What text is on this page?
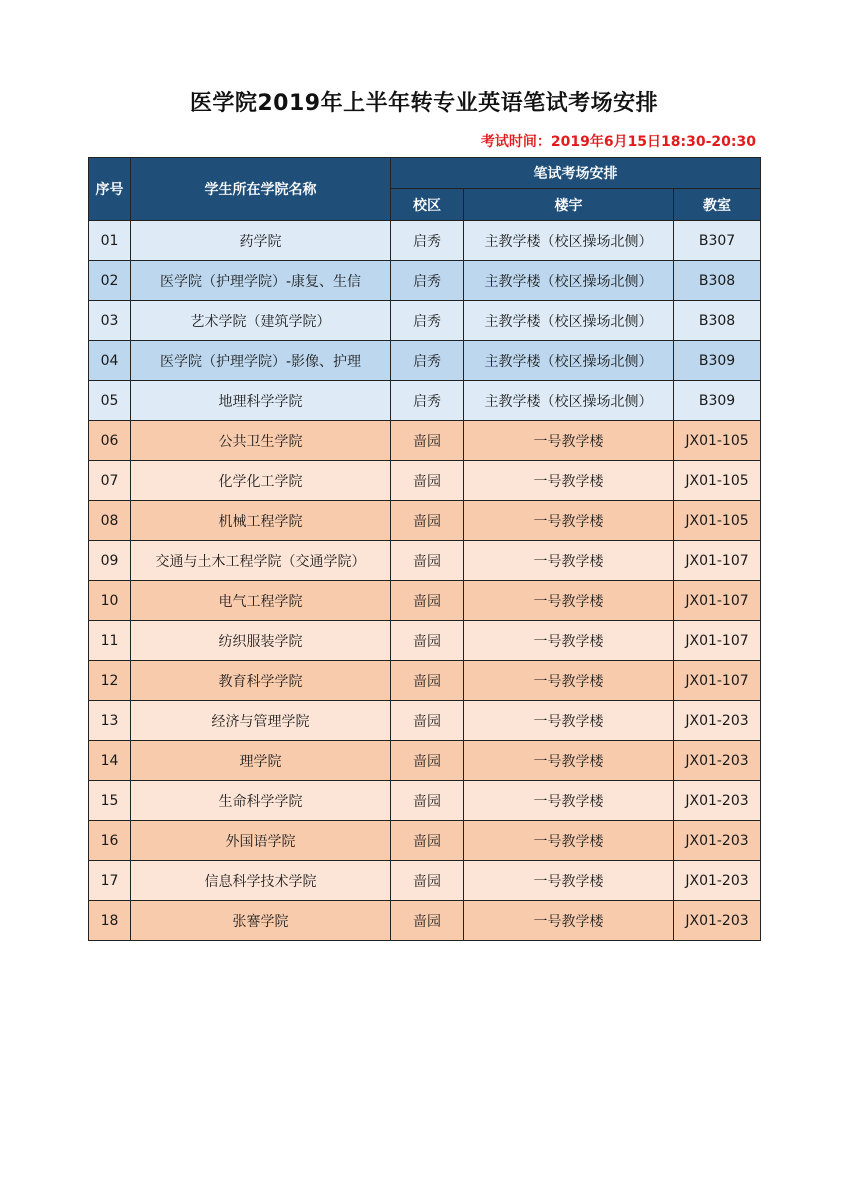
医学院2019年上半年转专业英语笔试考场安排
考试时间：2019年6月15日18:30-20:30
序号	学生所在学院名称	笔试考场安排		
		校区	楼宇	教室
01	药学院	启秀	主教学楼（校区操场北侧）	B307
02	医学院（护理学院）-康复、生信	启秀	主教学楼（校区操场北侧）	B308
03	艺术学院（建筑学院）	启秀	主教学楼（校区操场北侧）	B308
04	医学院（护理学院）-影像、护理	启秀	主教学楼（校区操场北侧）	B309
05	地理科学学院	启秀	主教学楼（校区操场北侧）	B309
06	公共卫生学院	啬园	一号教学楼	JX01-105
07	化学化工学院	啬园	一号教学楼	JX01-105
08	机械工程学院	啬园	一号教学楼	JX01-105
09	交通与土木工程学院（交通学院）	啬园	一号教学楼	JX01-107
10	电气工程学院	啬园	一号教学楼	JX01-107
11	纺织服装学院	啬园	一号教学楼	JX01-107
12	教育科学学院	啬园	一号教学楼	JX01-107
13	经济与管理学院	啬园	一号教学楼	JX01-203
14	理学院	啬园	一号教学楼	JX01-203
15	生命科学学院	啬园	一号教学楼	JX01-203
16	外国语学院	啬园	一号教学楼	JX01-203
17	信息科学技术学院	啬园	一号教学楼	JX01-203
18	张謇学院	啬园	一号教学楼	JX01-203
